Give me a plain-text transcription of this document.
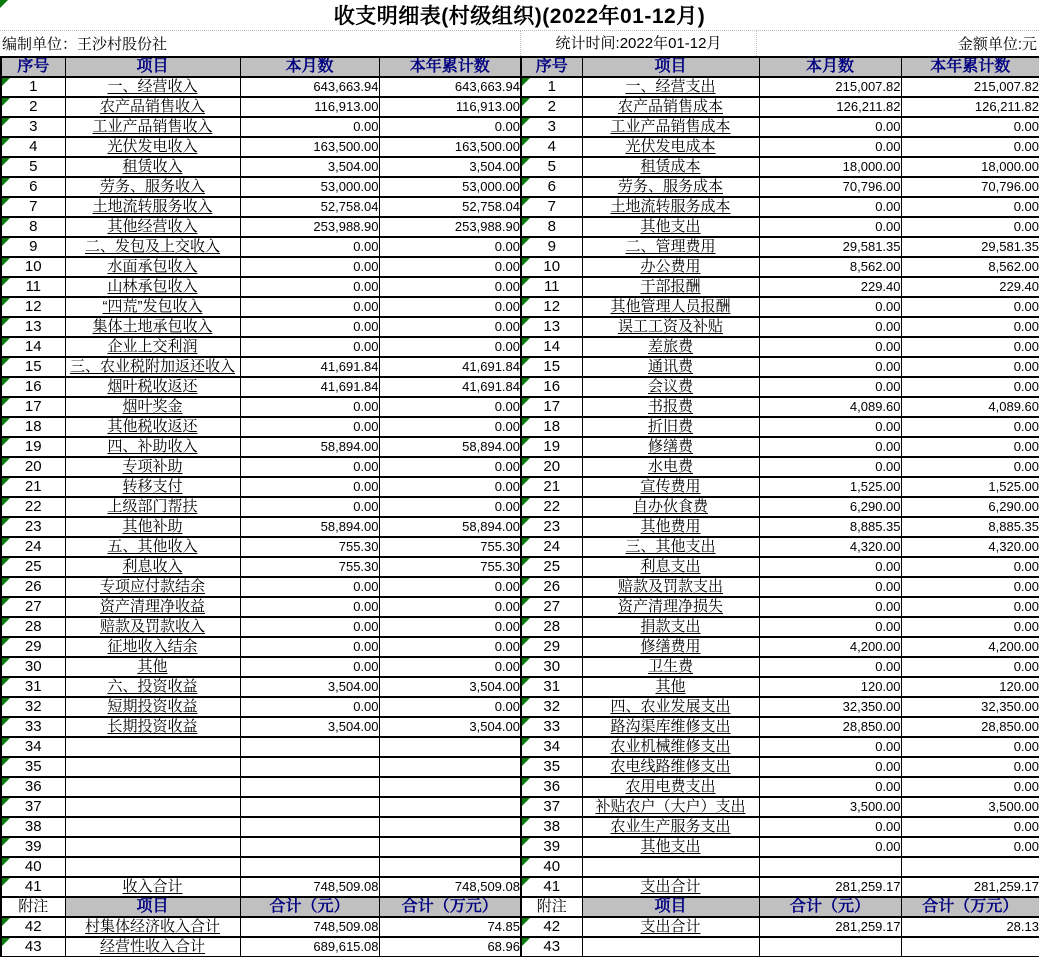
收支明细表(村级组织)(2022年01-12月)
编制单位：王沙村股份社	统计时间:2022年01-12月	金额单位:元
序号	项目	本月数	本年累计数	序号	项目	本月数	本年累计数
1	一、经营收入	643,663.94	643,663.94	1	一、经营支出	215,007.82	215,007.82
2	农产品销售收入	116,913.00	116,913.00	2	农产品销售成本	126,211.82	126,211.82
3	工业产品销售收入	0.00	0.00	3	工业产品销售成本	0.00	0.00
4	光伏发电收入	163,500.00	163,500.00	4	光伏发电成本	0.00	0.00
5	租赁收入	3,504.00	3,504.00	5	租赁成本	18,000.00	18,000.00
6	劳务、服务收入	53,000.00	53,000.00	6	劳务、服务成本	70,796.00	70,796.00
7	土地流转服务收入	52,758.04	52,758.04	7	土地流转服务成本	0.00	0.00
8	其他经营收入	253,988.90	253,988.90	8	其他支出	0.00	0.00
9	二、发包及上交收入	0.00	0.00	9	二、管理费用	29,581.35	29,581.35
10	水面承包收入	0.00	0.00	10	办公费用	8,562.00	8,562.00
11	山林承包收入	0.00	0.00	11	干部报酬	229.40	229.40
12	“四荒”发包收入	0.00	0.00	12	其他管理人员报酬	0.00	0.00
13	集体土地承包收入	0.00	0.00	13	误工工资及补贴	0.00	0.00
14	企业上交利润	0.00	0.00	14	差旅费	0.00	0.00
15	三、农业税附加返还收入	41,691.84	41,691.84	15	通讯费	0.00	0.00
16	烟叶税收返还	41,691.84	41,691.84	16	会议费	0.00	0.00
17	烟叶奖金	0.00	0.00	17	书报费	4,089.60	4,089.60
18	其他税收返还	0.00	0.00	18	折旧费	0.00	0.00
19	四、补助收入	58,894.00	58,894.00	19	修缮费	0.00	0.00
20	专项补助	0.00	0.00	20	水电费	0.00	0.00
21	转移支付	0.00	0.00	21	宣传费用	1,525.00	1,525.00
22	上级部门帮扶	0.00	0.00	22	自办伙食费	6,290.00	6,290.00
23	其他补助	58,894.00	58,894.00	23	其他费用	8,885.35	8,885.35
24	五、其他收入	755.30	755.30	24	三、其他支出	4,320.00	4,320.00
25	利息收入	755.30	755.30	25	利息支出	0.00	0.00
26	专项应付款结余	0.00	0.00	26	赔款及罚款支出	0.00	0.00
27	资产清理净收益	0.00	0.00	27	资产清理净损失	0.00	0.00
28	赔款及罚款收入	0.00	0.00	28	捐款支出	0.00	0.00
29	征地收入结余	0.00	0.00	29	修缮费用	4,200.00	4,200.00
30	其他	0.00	0.00	30	卫生费	0.00	0.00
31	六、投资收益	3,504.00	3,504.00	31	其他	120.00	120.00
32	短期投资收益	0.00	0.00	32	四、农业发展支出	32,350.00	32,350.00
33	长期投资收益	3,504.00	3,504.00	33	路沟渠库维修支出	28,850.00	28,850.00
34				34	农业机械维修支出	0.00	0.00
35				35	农电线路维修支出	0.00	0.00
36				36	农用电费支出	0.00	0.00
37				37	补贴农户（大户）支出	3,500.00	3,500.00
38				38	农业生产服务支出	0.00	0.00
39				39	其他支出	0.00	0.00
40				40			
41	收入合计	748,509.08	748,509.08	41	支出合计	281,259.17	281,259.17
附注	项目	合计（元）	合计（万元）	附注	项目	合计（元）	合计（万元）
42	村集体经济收入合计	748,509.08	74.85	42	支出合计	281,259.17	28.13
43	经营性收入合计	689,615.08	68.96	43			
